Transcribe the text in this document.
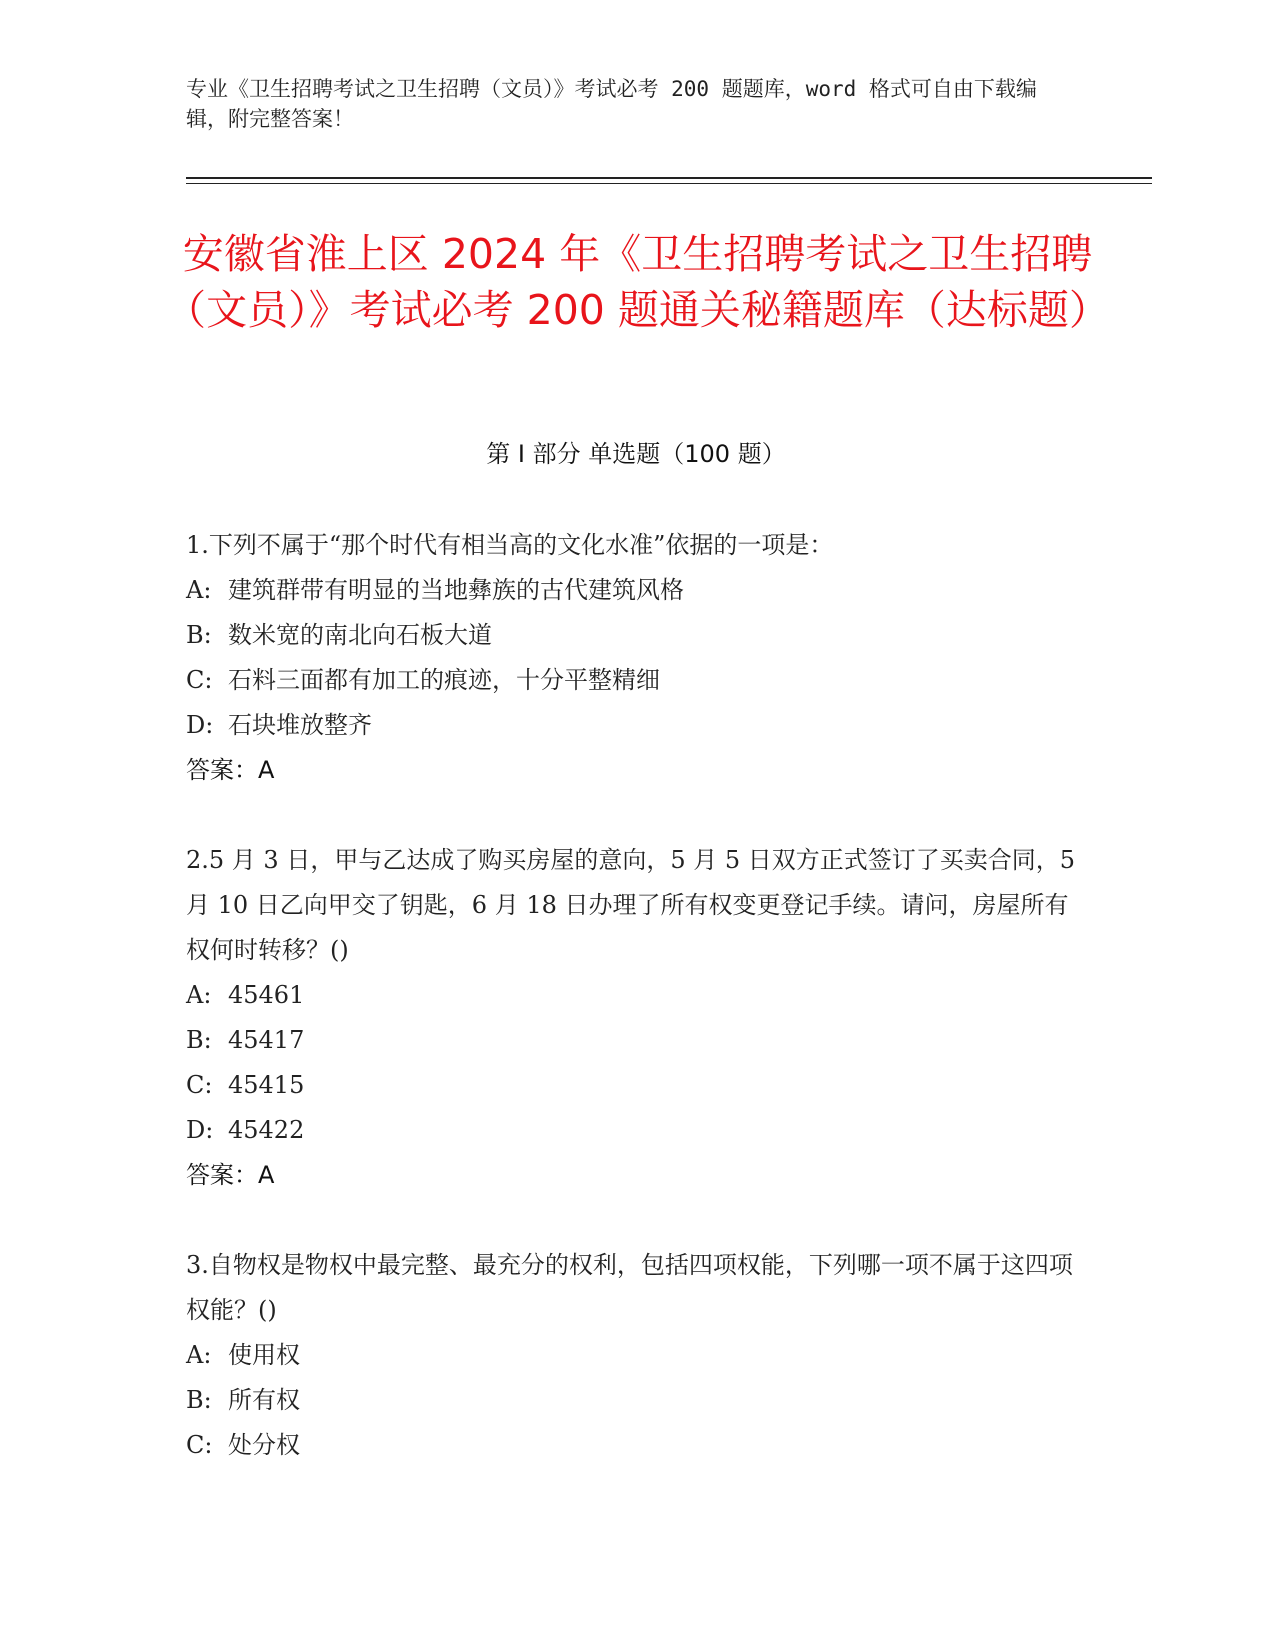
专业《卫生招聘考试之卫生招聘（文员）》考试必考 200 题题库，word 格式可自由下载编辑，附完整答案！
安徽省淮上区 2024 年《卫生招聘考试之卫生招聘（文员）》考试必考 200 题通关秘籍题库（达标题）
第 I 部分 单选题（100 题）

1.下列不属于“那个时代有相当高的文化水准”依据的一项是：

A: 建筑群带有明显的当地彝族的古代建筑风格

B: 数米宽的南北向石板大道

C: 石料三面都有加工的痕迹，十分平整精细

D: 石块堆放整齐

答案：A

2.5 月 3 日，甲与乙达成了购买房屋的意向，5 月 5 日双方正式签订了买卖合同，5 月 10 日乙向甲交了钥匙，6 月 18 日办理了所有权变更登记手续。请问，房屋所有权何时转移？()

A: 45461

B: 45417

C: 45415

D: 45422

答案：A

3.自物权是物权中最完整、最充分的权利，包括四项权能，下列哪一项不属于这四项权能？()

A: 使用权

B: 所有权

C: 处分权
